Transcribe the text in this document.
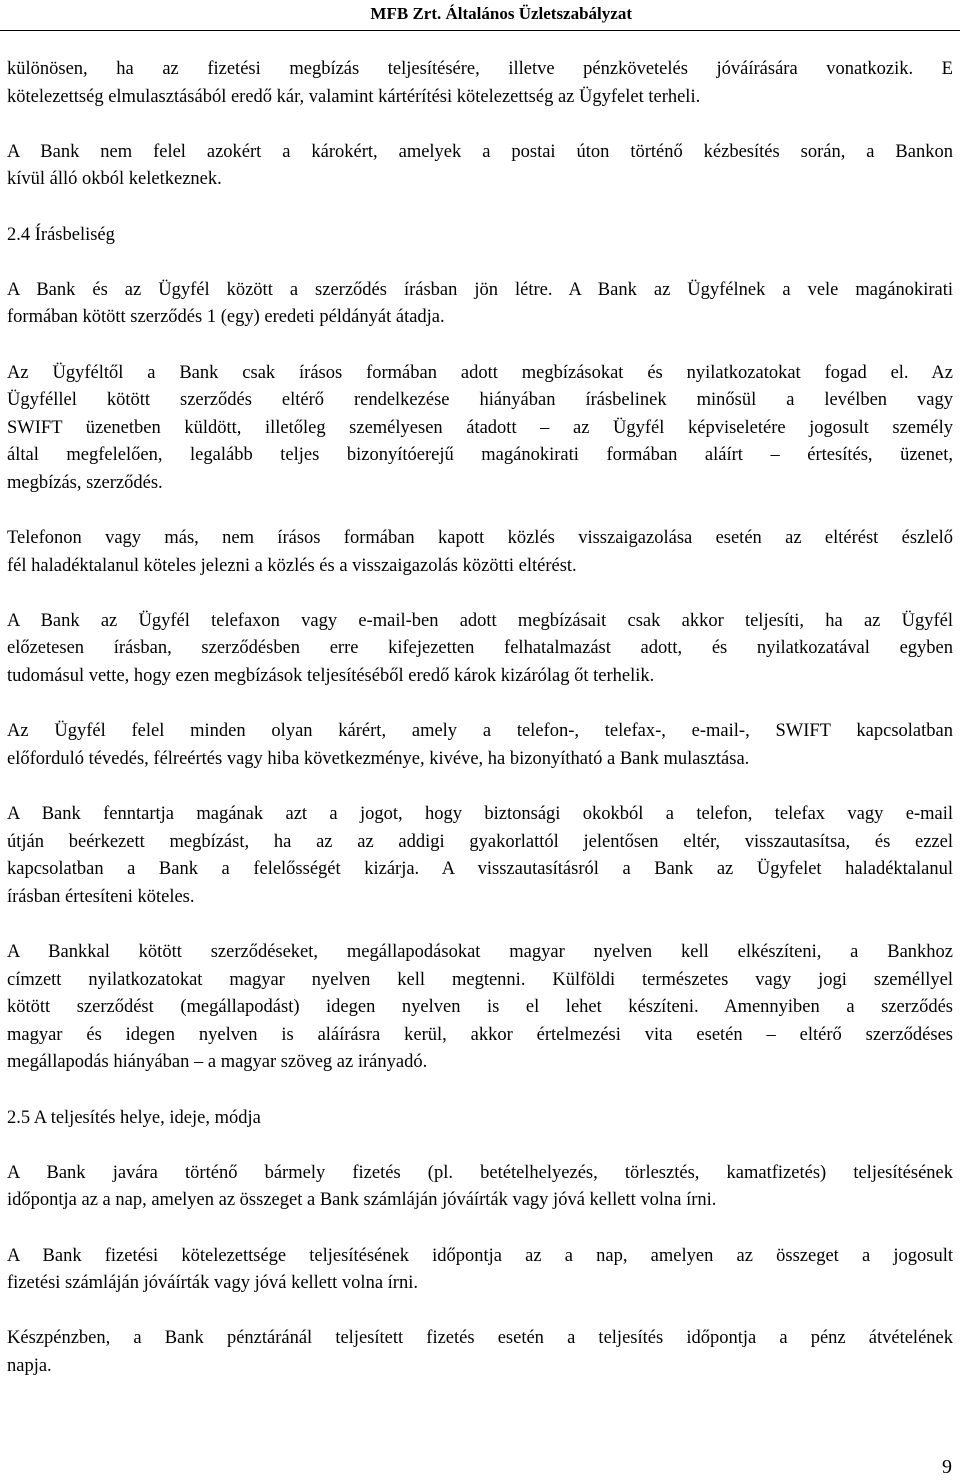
MFB Zrt. Általános Üzletszabályzat
különösen, ha az fizetési megbízás teljesítésére, illetve pénzkövetelés jóváírására vonatkozik. E
kötelezettség elmulasztásából eredő kár, valamint kártérítési kötelezettség az Ügyfelet terheli.
A Bank nem felel azokért a károkért, amelyek a postai úton történő kézbesítés során, a Bankon
kívül álló okból keletkeznek.
2.4 Írásbeliség
A Bank és az Ügyfél között a szerződés írásban jön létre. A Bank az Ügyfélnek a vele magánokirati
formában kötött szerződés 1 (egy) eredeti példányát átadja.
Az Ügyféltől a Bank csak írásos formában adott megbízásokat és nyilatkozatokat fogad el. Az
Ügyféllel kötött szerződés eltérő rendelkezése hiányában írásbelinek minősül a levélben vagy
SWIFT üzenetben küldött, illetőleg személyesen átadott – az Ügyfél képviseletére jogosult személy
által megfelelően, legalább teljes bizonyítóerejű magánokirati formában aláírt – értesítés, üzenet,
megbízás, szerződés.
Telefonon vagy más, nem írásos formában kapott közlés visszaigazolása esetén az eltérést észlelő
fél haladéktalanul köteles jelezni a közlés és a visszaigazolás közötti eltérést.
A Bank az Ügyfél telefaxon vagy e-mail-ben adott megbízásait csak akkor teljesíti, ha az Ügyfél
előzetesen írásban, szerződésben erre kifejezetten felhatalmazást adott, és nyilatkozatával egyben
tudomásul vette, hogy ezen megbízások teljesítéséből eredő károk kizárólag őt terhelik.
Az Ügyfél felel minden olyan kárért, amely a telefon-, telefax-, e-mail-, SWIFT kapcsolatban
előforduló tévedés, félreértés vagy hiba következménye, kivéve, ha bizonyítható a Bank mulasztása.
A Bank fenntartja magának azt a jogot, hogy biztonsági okokból a telefon, telefax vagy e-mail
útján beérkezett megbízást, ha az az addigi gyakorlattól jelentősen eltér, visszautasítsa, és ezzel
kapcsolatban a Bank a felelősségét kizárja. A visszautasításról a Bank az Ügyfelet haladéktalanul
írásban értesíteni köteles.
A Bankkal kötött szerződéseket, megállapodásokat magyar nyelven kell elkészíteni, a Bankhoz
címzett nyilatkozatokat magyar nyelven kell megtenni. Külföldi természetes vagy jogi személlyel
kötött szerződést (megállapodást) idegen nyelven is el lehet készíteni. Amennyiben a szerződés
magyar és idegen nyelven is aláírásra kerül, akkor értelmezési vita esetén – eltérő szerződéses
megállapodás hiányában – a magyar szöveg az irányadó.
2.5 A teljesítés helye, ideje, módja
A Bank javára történő bármely fizetés (pl. betételhelyezés, törlesztés, kamatfizetés) teljesítésének
időpontja az a nap, amelyen az összeget a Bank számláján jóváírták vagy jóvá kellett volna írni.
A Bank fizetési kötelezettsége teljesítésének időpontja az a nap, amelyen az összeget a jogosult
fizetési számláján jóváírták vagy jóvá kellett volna írni.
Készpénzben, a Bank pénztáránál teljesített fizetés esetén a teljesítés időpontja a pénz átvételének
napja.
9
